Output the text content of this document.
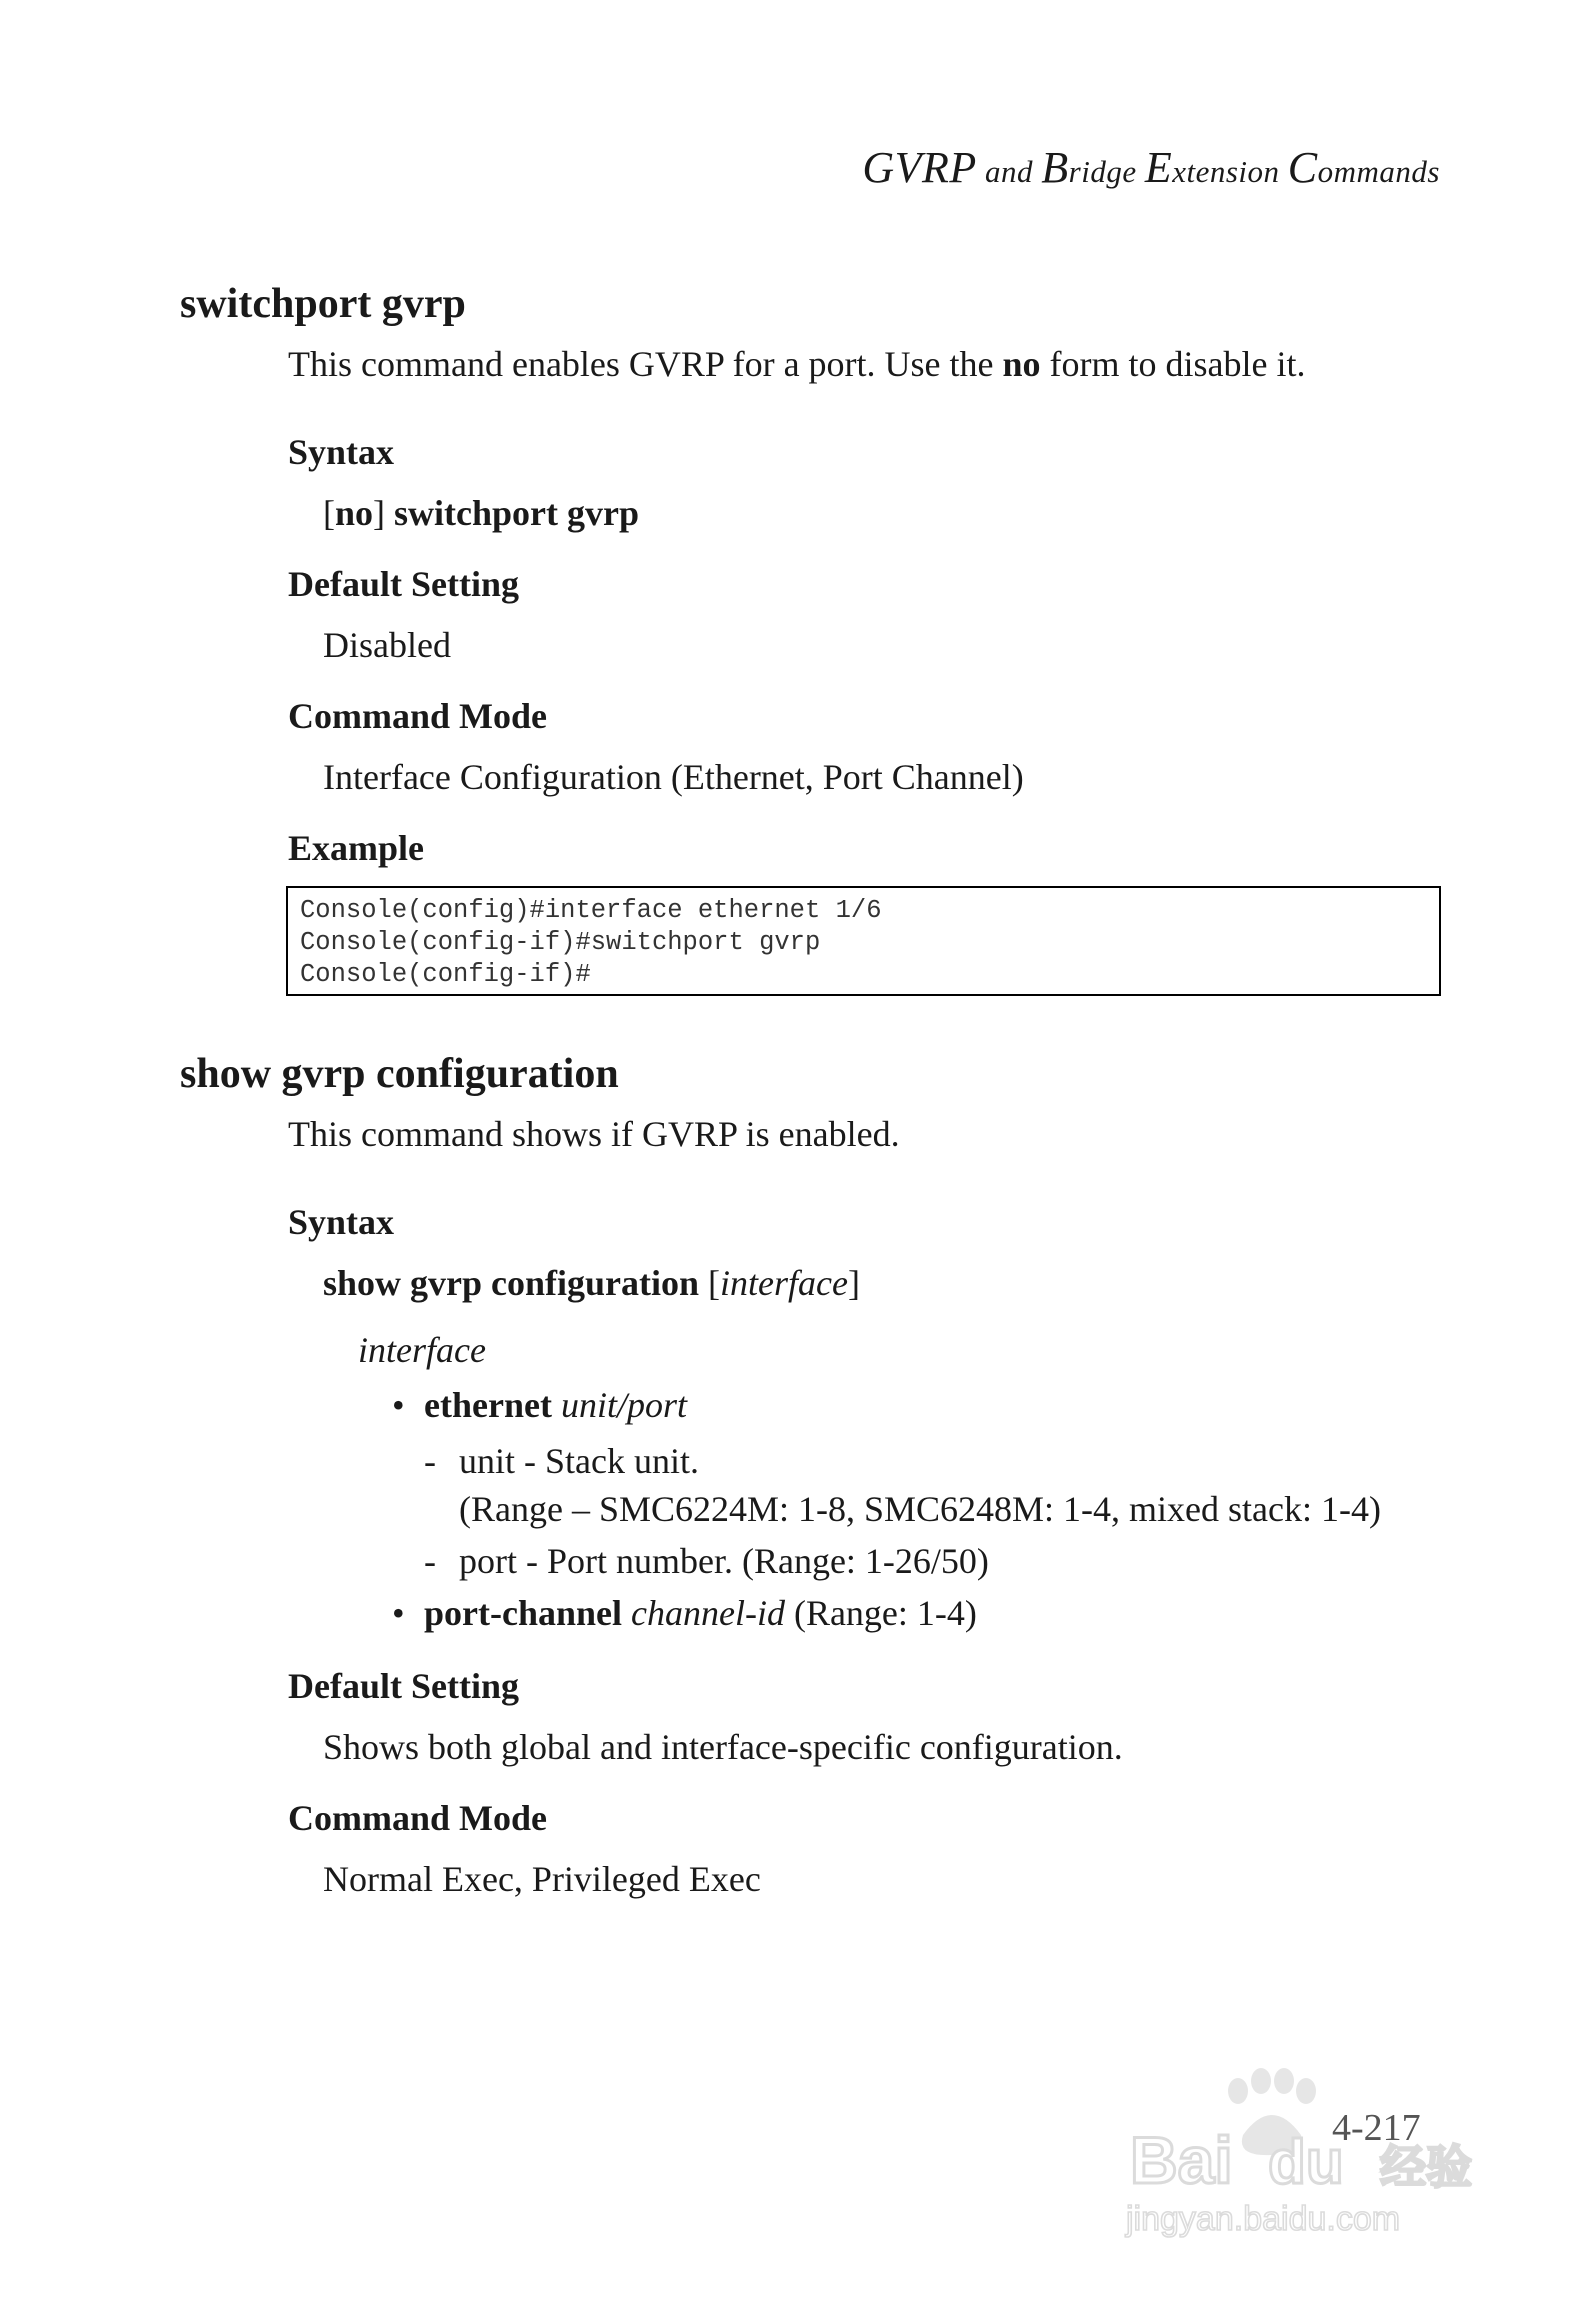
GVRP and Bridge Extension Commands
switchport gvrp
This command enables GVRP for a port. Use the no form to disable it.
Syntax
[no] switchport gvrp
Default Setting
Disabled
Command Mode
Interface Configuration (Ethernet, Port Channel)
Example
Console(config)#interface ethernet 1/6
Console(config-if)#switchport gvrp
Console(config-if)#
show gvrp configuration
This command shows if GVRP is enabled.
Syntax
show gvrp configuration [interface]
interface
• ethernet unit/port
- unit - Stack unit.
(Range – SMC6224M: 1-8, SMC6248M: 1-4, mixed stack: 1-4)
- port - Port number. (Range: 1-26/50)
• port-channel channel-id (Range: 1-4)
Default Setting
Shows both global and interface-specific configuration.
Command Mode
Normal Exec, Privileged Exec
4-217
Bai du 经验
jingyan.baidu.com
